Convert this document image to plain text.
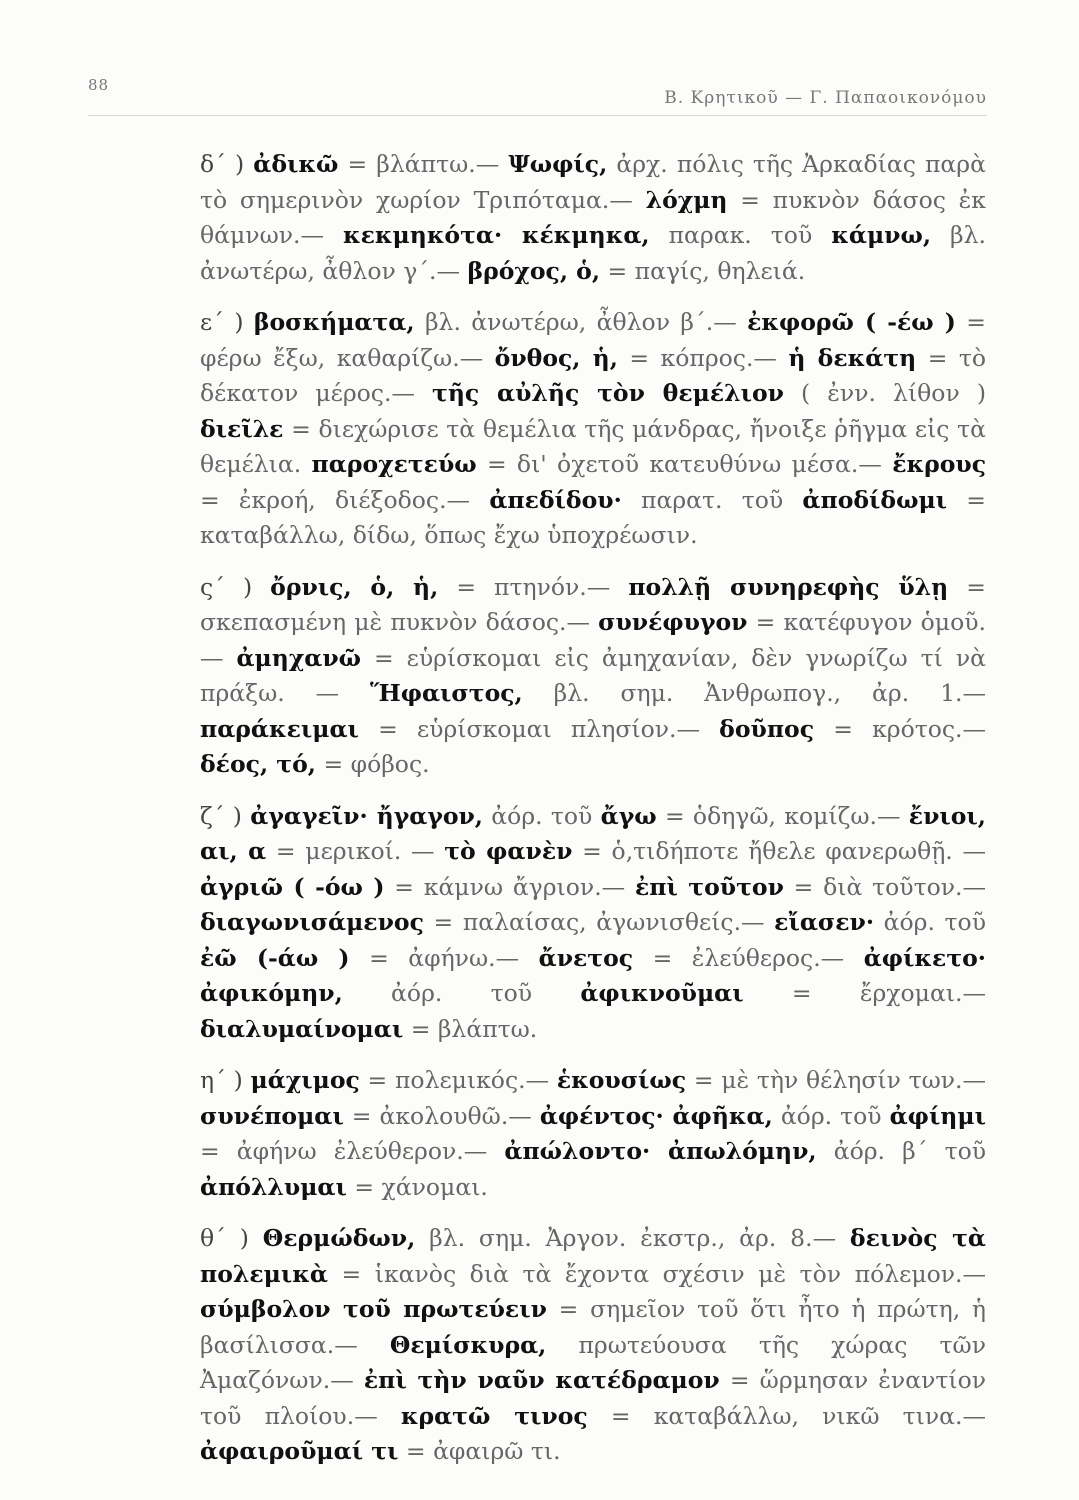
88
Β. Κρητικοῦ — Γ. Παπαοικονόμου

δ΄ ) ἀδικῶ = βλάπτω.— Ψωφίς, ἀρχ. πόλις τῆς Ἀρκαδίας παρὰ τὸ σημερινὸν χωρίον Τριπόταμα.— λόχμη = πυκνὸν δάσος ἐκ θάμνων.— κεκμηκότα· κέκμηκα, παρακ. τοῦ κάμνω, βλ. ἀνωτέρω, ἆθλον γ΄.— βρόχος, ὁ, = παγίς, θηλειά.

ε΄ ) βοσκήματα, βλ. ἀνωτέρω, ἆθλον β΄.— ἐκφορῶ ( -έω ) = φέρω ἔξω, καθαρίζω.— ὄνθος, ἡ, = κόπρος.— ἡ δεκάτη = τὸ δέκατον μέρος.— τῆς αὐλῆς τὸν θεμέλιον ( ἐνν. λίθον ) διεῖλε = διεχώρισε τὰ θεμέλια τῆς μάνδρας, ἤνοιξε ῥῆγμα εἰς τὰ θεμέλια. παροχετεύω = δι' ὀχετοῦ κατευθύνω μέσα.— ἔκρους = ἐκροή, διέξοδος.— ἀπεδίδου· παρατ. τοῦ ἀποδίδωμι = καταβάλλω, δίδω, ὅπως ἔχω ὑποχρέωσιν.

ς΄ ) ὄρνις, ὁ, ἡ, = πτηνόν.— πολλῇ συνηρεφὴς ὕλῃ = σκεπασμένη μὲ πυκνὸν δάσος.— συνέφυγον = κατέφυγον ὁμοῦ.— ἀμηχανῶ = εὑρίσκομαι εἰς ἀμηχανίαν, δὲν γνωρίζω τί νὰ πράξω. — Ἥφαιστος, βλ. σημ. Ἀνθρωπογ., ἀρ. 1.— παράκειμαι = εὑρίσκομαι πλησίον.— δοῦπος = κρότος.— δέος, τό, = φόβος.

ζ΄ ) ἀγαγεῖν· ἤγαγον, ἀόρ. τοῦ ἄγω = ὁδηγῶ, κομίζω.— ἔνιοι, αι, α = μερικοί. — τὸ φανὲν = ὁ,τιδήποτε ἤθελε φανερωθῇ. — ἀγριῶ ( -όω ) = κάμνω ἄγριον.— ἐπὶ τοῦτον = διὰ τοῦτον.— διαγωνισάμενος = παλαίσας, ἀγωνισθείς.— εἴασεν· ἀόρ. τοῦ ἐῶ (-άω ) = ἀφήνω.— ἄνετος = ἐλεύθερος.— ἀφίκετο· ἀφικόμην, ἀόρ. τοῦ ἀφικνοῦμαι = ἔρχομαι.— διαλυμαίνομαι = βλάπτω.

η΄ ) μάχιμος = πολεμικός.— ἑκουσίως = μὲ τὴν θέλησίν των.— συνέπομαι = ἀκολουθῶ.— ἀφέντος· ἀφῆκα, ἀόρ. τοῦ ἀφίημι = ἀφήνω ἐλεύθερον.— ἀπώλοντο· ἀπωλόμην, ἀόρ. β΄ τοῦ ἀπόλλυμαι = χάνομαι.

θ΄ ) Θερμώδων, βλ. σημ. Ἀργον. ἐκστρ., ἀρ. 8.— δεινὸς τὰ πολεμικὰ = ἱκανὸς διὰ τὰ ἔχοντα σχέσιν μὲ τὸν πόλεμον.— σύμβολον τοῦ πρωτεύειν = σημεῖον τοῦ ὅτι ἦτο ἡ πρώτη, ἡ βασίλισσα.— Θεμίσκυρα, πρωτεύουσα τῆς χώρας τῶν Ἀμαζόνων.— ἐπὶ τὴν ναῦν κατέδραμον = ὥρμησαν ἐναντίον τοῦ πλοίου.— κρατῶ τινος = καταβάλλω, νικῶ τινα.— ἀφαιροῦμαί τι = ἀφαιρῶ τι.
